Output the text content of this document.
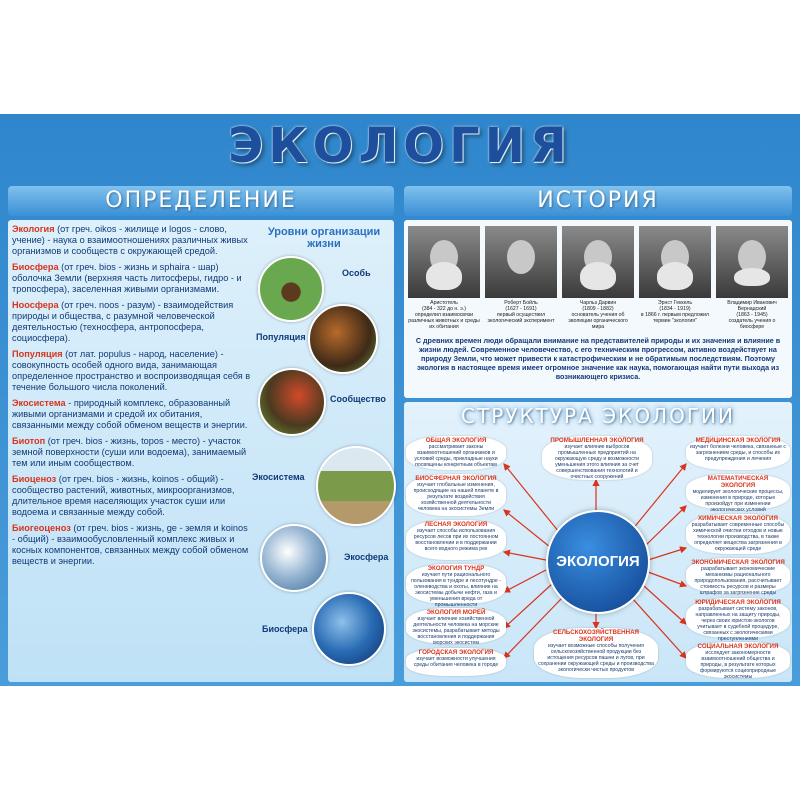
ЭКОЛОГИЯ
ОПРЕДЕЛЕНИЕ	ИСТОРИЯ
Экология (от греч. oikos - жилище и logos - слово, учение) - наука о взаимоотношениях различных живых организмов и сообществ с окружающей средой.
Биосфера (от греч. bios - жизнь и sphaira - шар) оболочка Земли (верхняя часть литосферы, гидро - и тропосфера), заселенная живыми организмами.
Ноосфера (от греч. noos - разум) - взаимодействия природы и общества, с разумной человеческой деятельностью (техносфера, антропосфера, социосфера).
Популяция (от лат. populus - народ, население) - совокупность особей одного вида, занимающая определенное пространство и воспроизводящая себя в течение большого числа поколений.
Экосистема - природный комплекс, образованный живыми организмами и средой их обитания, связанными между собой обменом веществ и энергии.
Биотоп (от греч. bios - жизнь, topos - место) - участок земной поверхности (суши или водоема), занимаемый тем или иным сообществом.
Биоценоз (от греч. bios - жизнь, koinos - общий) - сообщество растений, животных, микроорганизмов, длительное время населяющих участок суши или водоема и связанные между собой.
Биогеоценоз (от греч. bios - жизнь, ge - земля и koinos - общий) - взаимообусловленный комплекс живых и косных компонентов, связанных между собой обменом веществ и энергии.
Уровни организации жизни
Особь
Популяция
Сообщество
Экосистема
Экосфера
Биосфера
Аристотель
(384 - 322 до н. э.)
определил взаимосвязи различных животных и среды их обитания
Роберт Бойль
(1627 - 1691)
первый осуществил экологический эксперимент
Чарльз Дарвин
(1809 - 1882)
основатель учения об эволюции органического мира
Эрнст Геккель
(1834 - 1919)
в 1866 г. первым предложил термин "экология"
Владимир Иванович Вернадский
(1863 - 1945)
создатель учения о биосфере
С древних времен люди обращали внимание на представителей природы и их значения и влияние в жизни людей. Современное человечество, с его техническим прогрессом, активно воздействует на природу Земли, что может привести к катастрофическим и не обратимым последствиям. Поэтому экология в настоящее время имеет огромное значение как наука, помогающая найти пути выхода из возникающего кризиса.
СТРУКТУРА ЭКОЛОГИИ
ЭКОЛОГИЯ
ОБЩАЯ ЭКОЛОГИЯ
рассматривает законы взаимоотношений организмов и условий среды, прикладные науки посвящены конкретным объектам
БИОСФЕРНАЯ ЭКОЛОГИЯ
изучает глобальные изменения, происходящие на нашей планете в результате воздействия хозяйственной деятельности человека на экосистемы Земли
ЛЕСНАЯ ЭКОЛОГИЯ
изучает способы использования ресурсов лесов при их постоянном восстановлении и в поддержании всего водного режима рек
ЭКОЛОГИЯ ТУНДР
изучает пути рационального пользования в тундре и лесотундре - оленеводства и охоты, влияние на экосистемы добычи нефти, газа и уменьшения вреда от промышленности
ЭКОЛОГИЯ МОРЕЙ
изучает влияние хозяйственной деятельности человека на морские экосистемы, разрабатывает методы восстановления и поддержания морских экосистем
ГОРОДСКАЯ ЭКОЛОГИЯ
изучает возможности улучшения среды обитания человека в городе
ПРОМЫШЛЕННАЯ ЭКОЛОГИЯ
изучает влияние выбросов промышленных предприятий на окружающую среду и возможности уменьшения этого влияния за счет совершенствования технологий и очистных сооружений
СЕЛЬСКОХОЗЯЙСТВЕННАЯ ЭКОЛОГИЯ
изучает возможные способы получения сельскохозяйственной продукции без истощения ресурсов пашни и лугов, при сохранении окружающей среды и производства экологически чистых продуктов
МЕДИЦИНСКАЯ ЭКОЛОГИЯ
изучает болезни человека, связанные с загрязнением среды, и способы их предупреждения и лечения
МАТЕМАТИЧЕСКАЯ ЭКОЛОГИЯ
моделирует экологические процессы, изменения в природе, которые произойдут при изменении экологических условий
ХИМИЧЕСКАЯ ЭКОЛОГИЯ
разрабатывает современные способы химической очистки отходов и новые технологии производства, в также определяет вещества загрязнения в окружающей среде
ЭКОНОМИЧЕСКАЯ ЭКОЛОГИЯ
разрабатывает экономические механизмы рационального природопользования, рассчитывает стоимость ресурсов и размеры штрафов за загрязнение среды
ЮРИДИЧЕСКАЯ ЭКОЛОГИЯ
разрабатывает систему законов, направленных на защиту природы, через своих юристов-экологов учитывает в судебной процедуре, связанных с экологическими преступлениями
СОЦИАЛЬНАЯ ЭКОЛОГИЯ
исследует закономерности взаимоотношений общества и природы, в результате которых формируются социоприродные экосистемы
